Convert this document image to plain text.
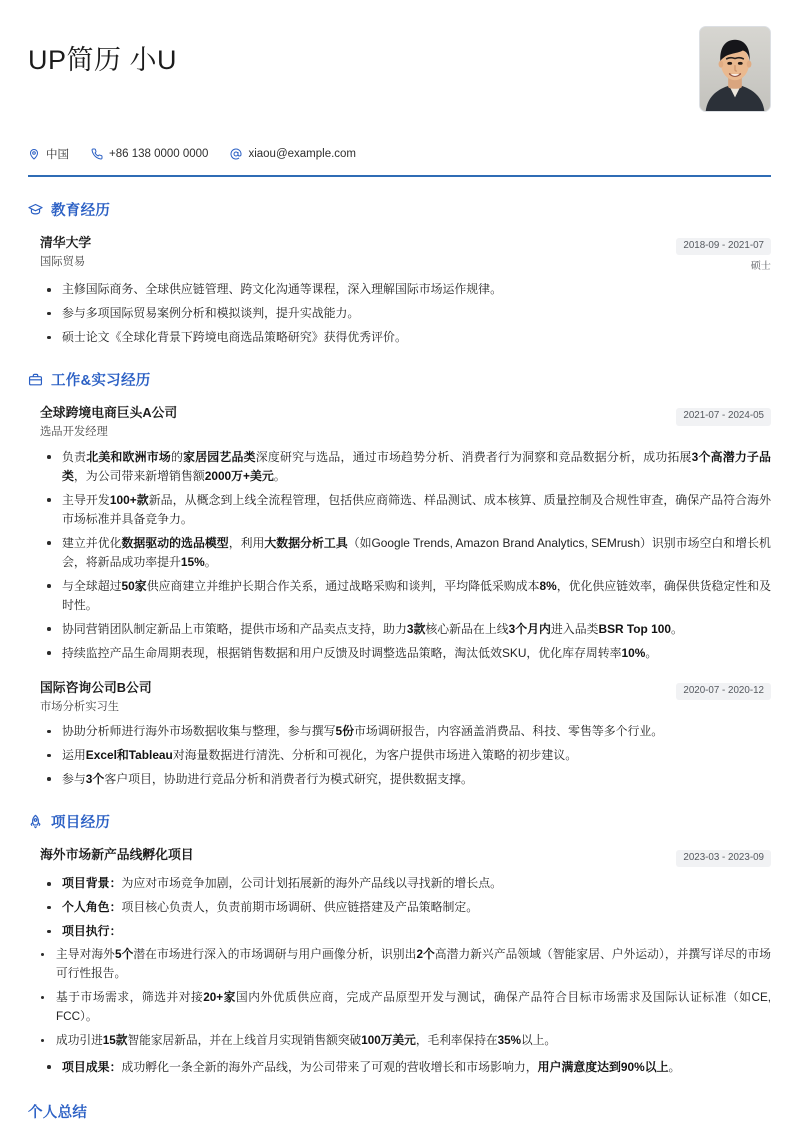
UP简历 小U
中国	+86 138 0000 0000	xiaou@example.com
教育经历
清华大学
国际贸易
2018-09 - 2021-07
硕士
主修国际商务、全球供应链管理、跨文化沟通等课程，深入理解国际市场运作规律。
参与多项国际贸易案例分析和模拟谈判，提升实战能力。
硕士论文《全球化背景下跨境电商选品策略研究》获得优秀评价。
工作&实习经历
全球跨境电商巨头A公司
选品开发经理
2021-07 - 2024-05
负责北美和欧洲市场的家居园艺品类深度研究与选品，通过市场趋势分析、消费者行为洞察和竞品数据分析，成功拓展3个高潜力子品类，为公司带来新增销售额2000万+美元。
主导开发100+款新品，从概念到上线全流程管理，包括供应商筛选、样品测试、成本核算、质量控制及合规性审查，确保产品符合海外市场标准并具备竞争力。
建立并优化数据驱动的选品模型，利用大数据分析工具（如Google Trends, Amazon Brand Analytics, SEMrush）识别市场空白和增长机会，将新品成功率提升15%。
与全球超过50家供应商建立并维护长期合作关系，通过战略采购和谈判，平均降低采购成本8%，优化供应链效率，确保供货稳定性和及时性。
协同营销团队制定新品上市策略，提供市场和产品卖点支持，助力3款核心新品在上线3个月内进入品类BSR Top 100。
持续监控产品生命周期表现，根据销售数据和用户反馈及时调整选品策略，淘汰低效SKU，优化库存周转率10%。
国际咨询公司B公司
市场分析实习生
2020-07 - 2020-12
协助分析师进行海外市场数据收集与整理，参与撰写5份市场调研报告，内容涵盖消费品、科技、零售等多个行业。
运用Excel和Tableau对海量数据进行清洗、分析和可视化，为客户提供市场进入策略的初步建议。
参与3个客户项目，协助进行竞品分析和消费者行为模式研究，提供数据支撑。
项目经历
海外市场新产品线孵化项目	2023-03 - 2023-09
项目背景：为应对市场竞争加剧，公司计划拓展新的海外产品线以寻找新的增长点。
个人角色：项目核心负责人，负责前期市场调研、供应链搭建及产品策略制定。
项目执行：
主导对海外5个潜在市场进行深入的市场调研与用户画像分析，识别出2个高潜力新兴产品领域（智能家居、户外运动），并撰写详尽的市场可行性报告。
基于市场需求，筛选并对接20+家国内外优质供应商，完成产品原型开发与测试，确保产品符合目标市场需求及国际认证标准（如CE, FCC）。
成功引进15款智能家居新品，并在上线首月实现销售额突破100万美元，毛利率保持在35%以上。
项目成果：成功孵化一条全新的海外产品线，为公司带来了可观的营收增长和市场影响力，用户满意度达到90%以上。
个人总结
